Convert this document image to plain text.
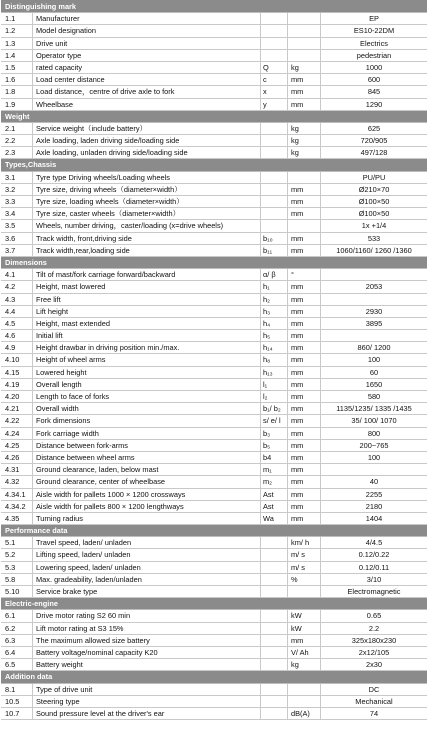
Distinguishing mark
1.1	Manufacturer	EP
1.2	Model designation	ES10-22DM
1.3	Drive unit	Electrics
1.4	Operator type	pedestrian
1.5	rated capacity	Q	kg	1000
1.6	Load center distance	c	mm	600
1.8	Load distance，centre of drive axle to fork	x	mm	845
1.9	Wheelbase	y	mm	1290
Weight
2.1	Service weight（include battery）	kg	625
2.2	Axle loading, laden driving side/loading side	kg	720/905
2.3	Axle loading, unladen driving side/loading side	kg	497/128
Types,Chassis
3.1	Tyre type Driving wheels/Loading wheels	PU/PU
3.2	Tyre size, driving wheels（diameter×width）	mm	Ø210×70
3.3	Tyre size, loading wheels（diameter×width）	mm	Ø100×50
3.4	Tyre size, caster wheels（diameter×width）	mm	Ø100×50
3.5	Wheels, number driving，caster/loading (x=drive wheels)	1x +1/4
3.6	Track width, front,driving side	b₁₀	mm	533
3.7	Track width,rear,loading side	b₁₁	mm	1060/1160/ 1260 /1360
Dimensions
4.1	Tilt of mast/fork carriage forward/backward	α/ β	°
4.2	Height, mast lowered	h₁	mm	2053
4.3	Free lift	h₂	mm
4.4	Lift height	h₃	mm	2930
4.5	Height, mast extended	h₄	mm	3895
4.6	Initial lift	h₅	mm
4.9	Height drawbar in driving position min./max.	h₁₄	mm	860/ 1200
4.10	Height of wheel arms	h₈	mm	100
4.15	Lowered height	h₁₃	mm	60
4.19	Overall length	l₁	mm	1650
4.20	Length to face of forks	l₂	mm	580
4.21	Overall width	b₁/ b₂	mm	1135/1235/ 1335 /1435
4.22	Fork dimensions	s/ e/ l	mm	35/ 100/ 1070
4.24	Fork carriage width	b₃	mm	800
4.25	Distance between fork-arms	b₅	mm	200~765
4.26	Distance between wheel arms	b4	mm	100
4.31	Ground clearance, laden, below mast	m₁	mm
4.32	Ground clearance, center of wheelbase	m₂	mm	40
4.34.1	Aisle width for pallets 1000 × 1200 crossways	Ast	mm	2255
4.34.2	Aisle width for pallets 800 × 1200 lengthways	Ast	mm	2180
4.35	Turning radius	Wa	mm	1404
Performance data
5.1	Travel speed, laden/ unladen	km/ h	4/4.5
5.2	Lifting speed, laden/ unladen	m/ s	0.12/0.22
5.3	Lowering speed, laden/ unladen	m/ s	0.12/0.11
5.8	Max. gradeability, laden/unladen	%	3/10
5.10	Service brake type	Electromagnetic
Electric-engine
6.1	Drive motor rating S2 60 min	kW	0.65
6.2	Lift motor rating at S3 15%	kW	2.2
6.3	The maximum allowed size battery	mm	325x180x230
6.4	Battery voltage/nominal capacity K20	V/ Ah	2x12/105
6.5	Battery weight	kg	2x30
Addition data
8.1	Type of drive unit	DC
10.5	Steering type	Mechanical
10.7	Sound pressure level at the driver's ear	dB(A)	74
